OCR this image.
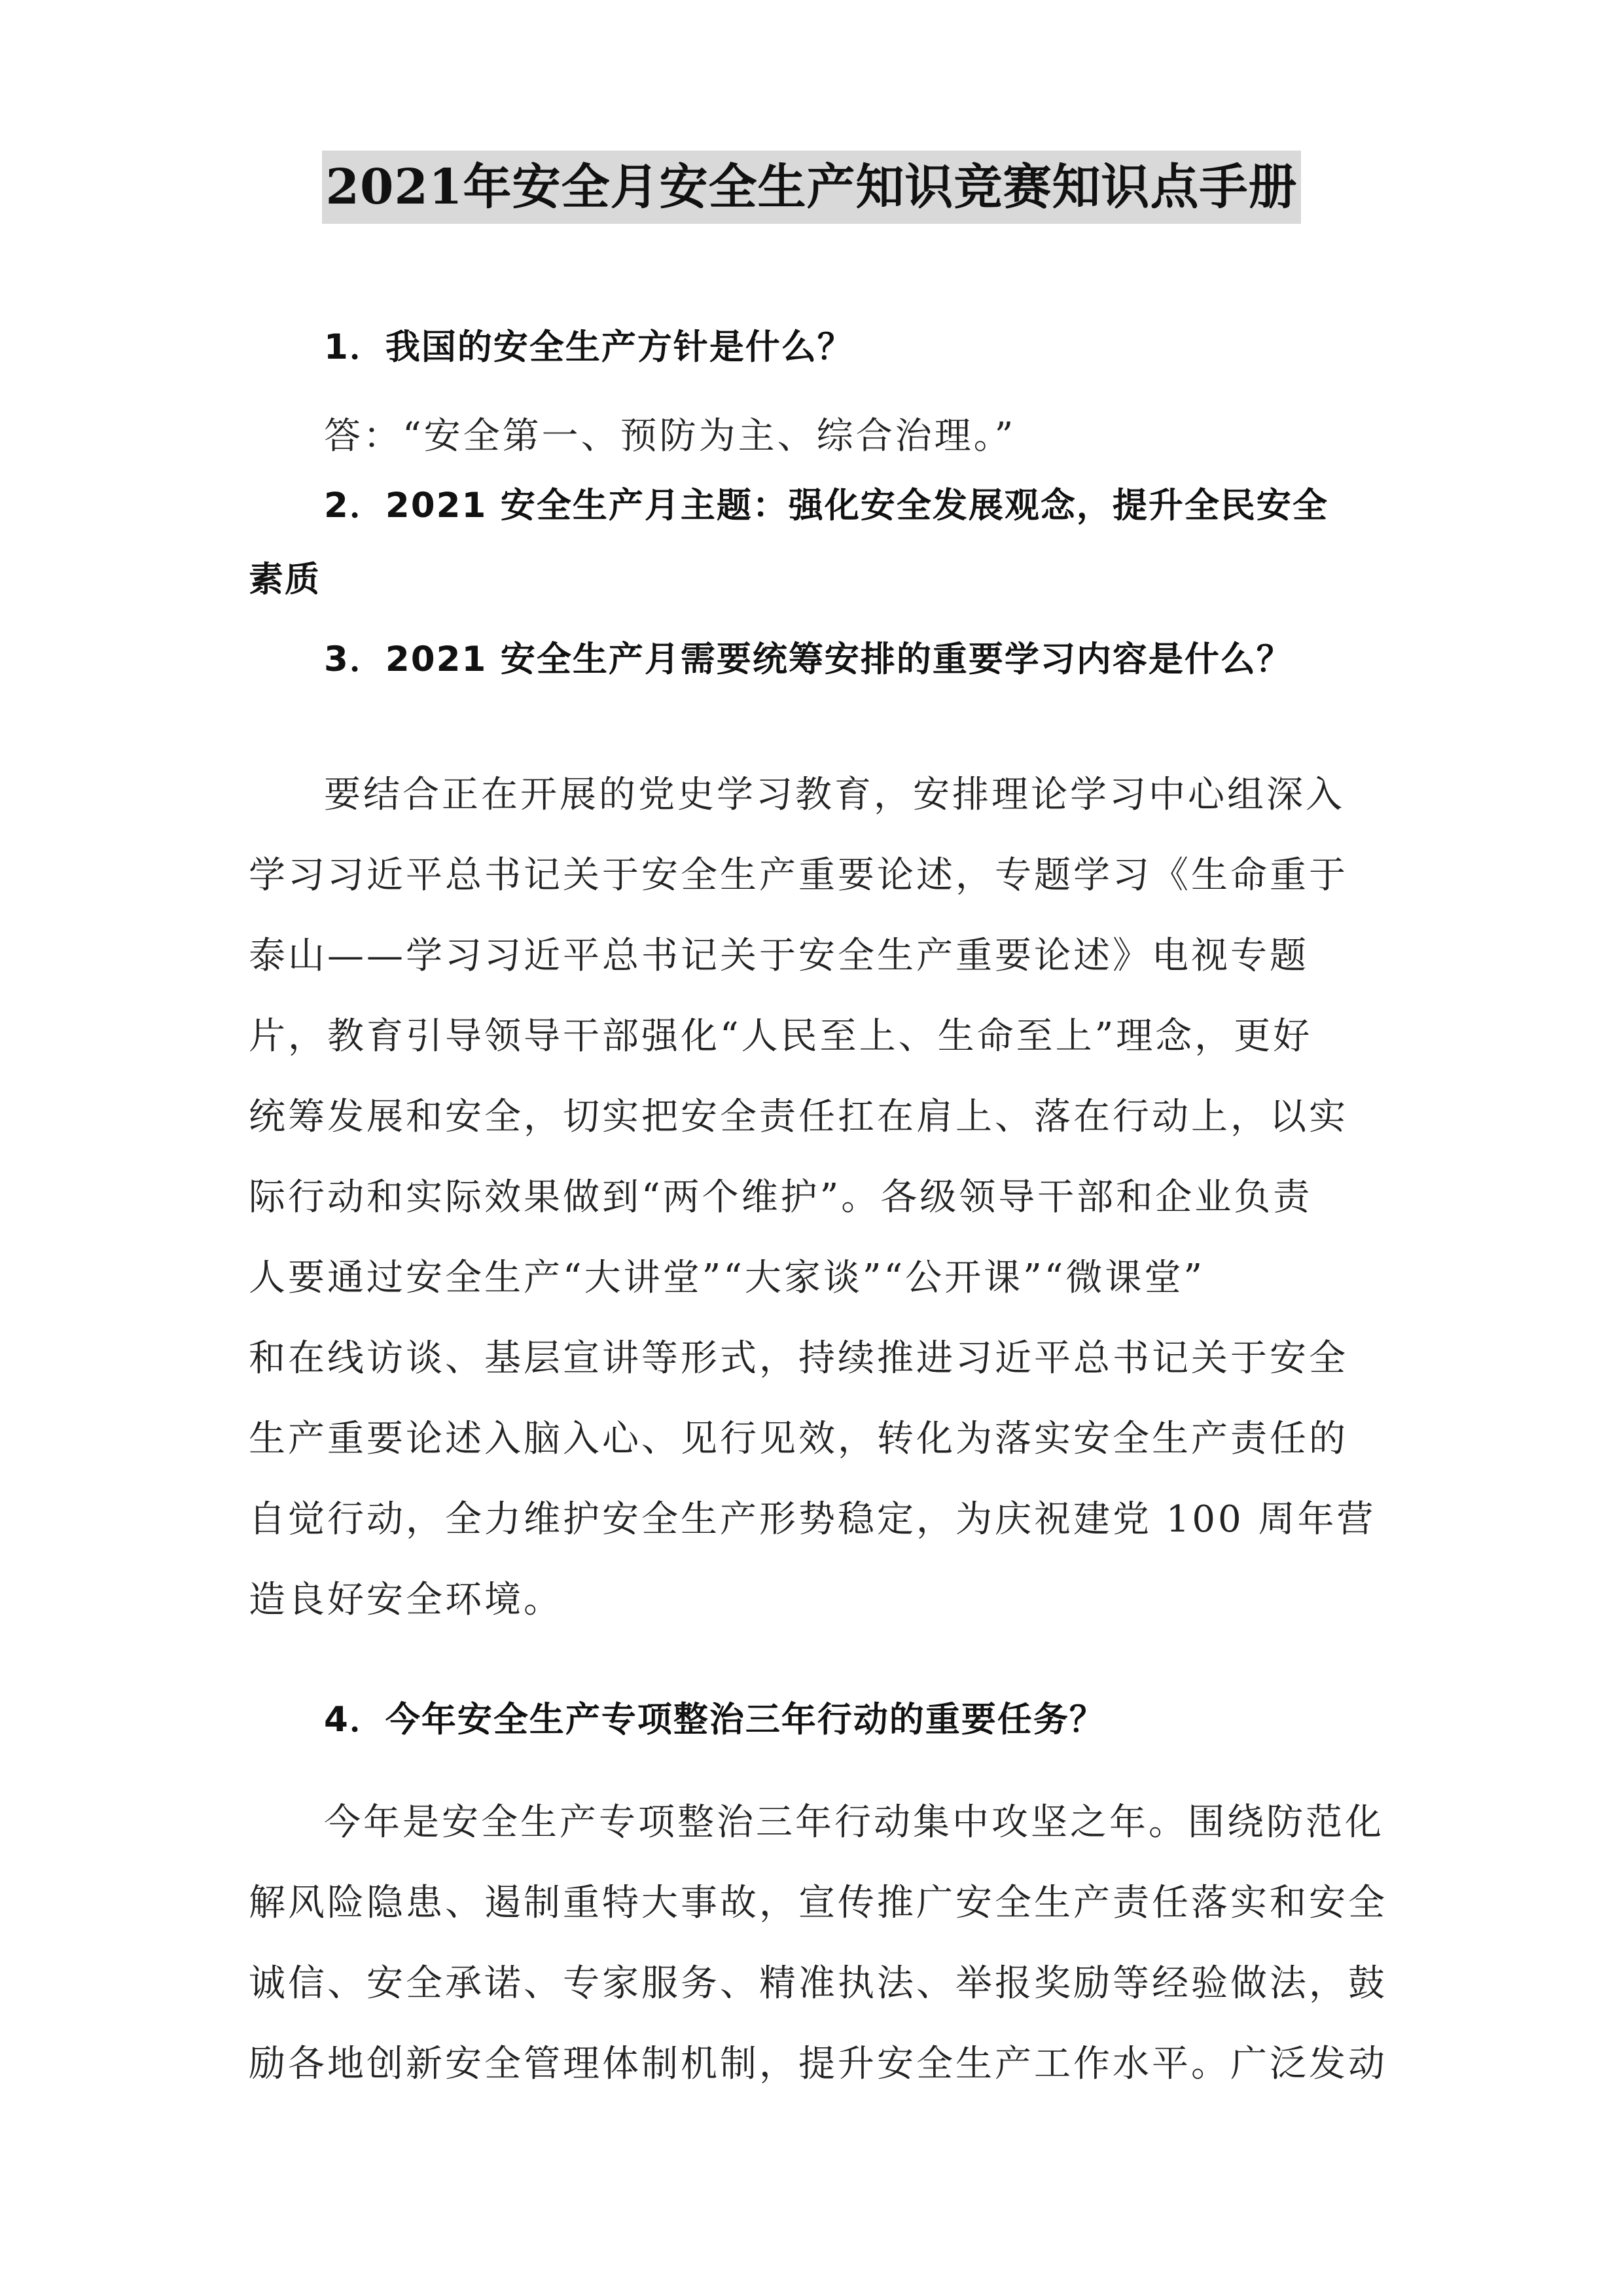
2021年安全月安全生产知识竞赛知识点手册
1．我国的安全生产方针是什么？
答：“安全第一、预防为主、综合治理。”
2．2021 安全生产月主题：强化安全发展观念，提升全民安全
素质
3．2021 安全生产月需要统筹安排的重要学习内容是什么？
要结合正在开展的党史学习教育，安排理论学习中心组深入
学习习近平总书记关于安全生产重要论述，专题学习《生命重于
泰山——学习习近平总书记关于安全生产重要论述》电视专题
片，教育引导领导干部强化“人民至上、生命至上”理念，更好
统筹发展和安全，切实把安全责任扛在肩上、落在行动上，以实
际行动和实际效果做到“两个维护”。各级领导干部和企业负责
人要通过安全生产“大讲堂”“大家谈”“公开课”“微课堂”
和在线访谈、基层宣讲等形式，持续推进习近平总书记关于安全
生产重要论述入脑入心、见行见效，转化为落实安全生产责任的
自觉行动，全力维护安全生产形势稳定，为庆祝建党 100 周年营
造良好安全环境。
4．今年安全生产专项整治三年行动的重要任务？
今年是安全生产专项整治三年行动集中攻坚之年。围绕防范化
解风险隐患、遏制重特大事故，宣传推广安全生产责任落实和安全
诚信、安全承诺、专家服务、精准执法、举报奖励等经验做法，鼓
励各地创新安全管理体制机制，提升安全生产工作水平。广泛发动
